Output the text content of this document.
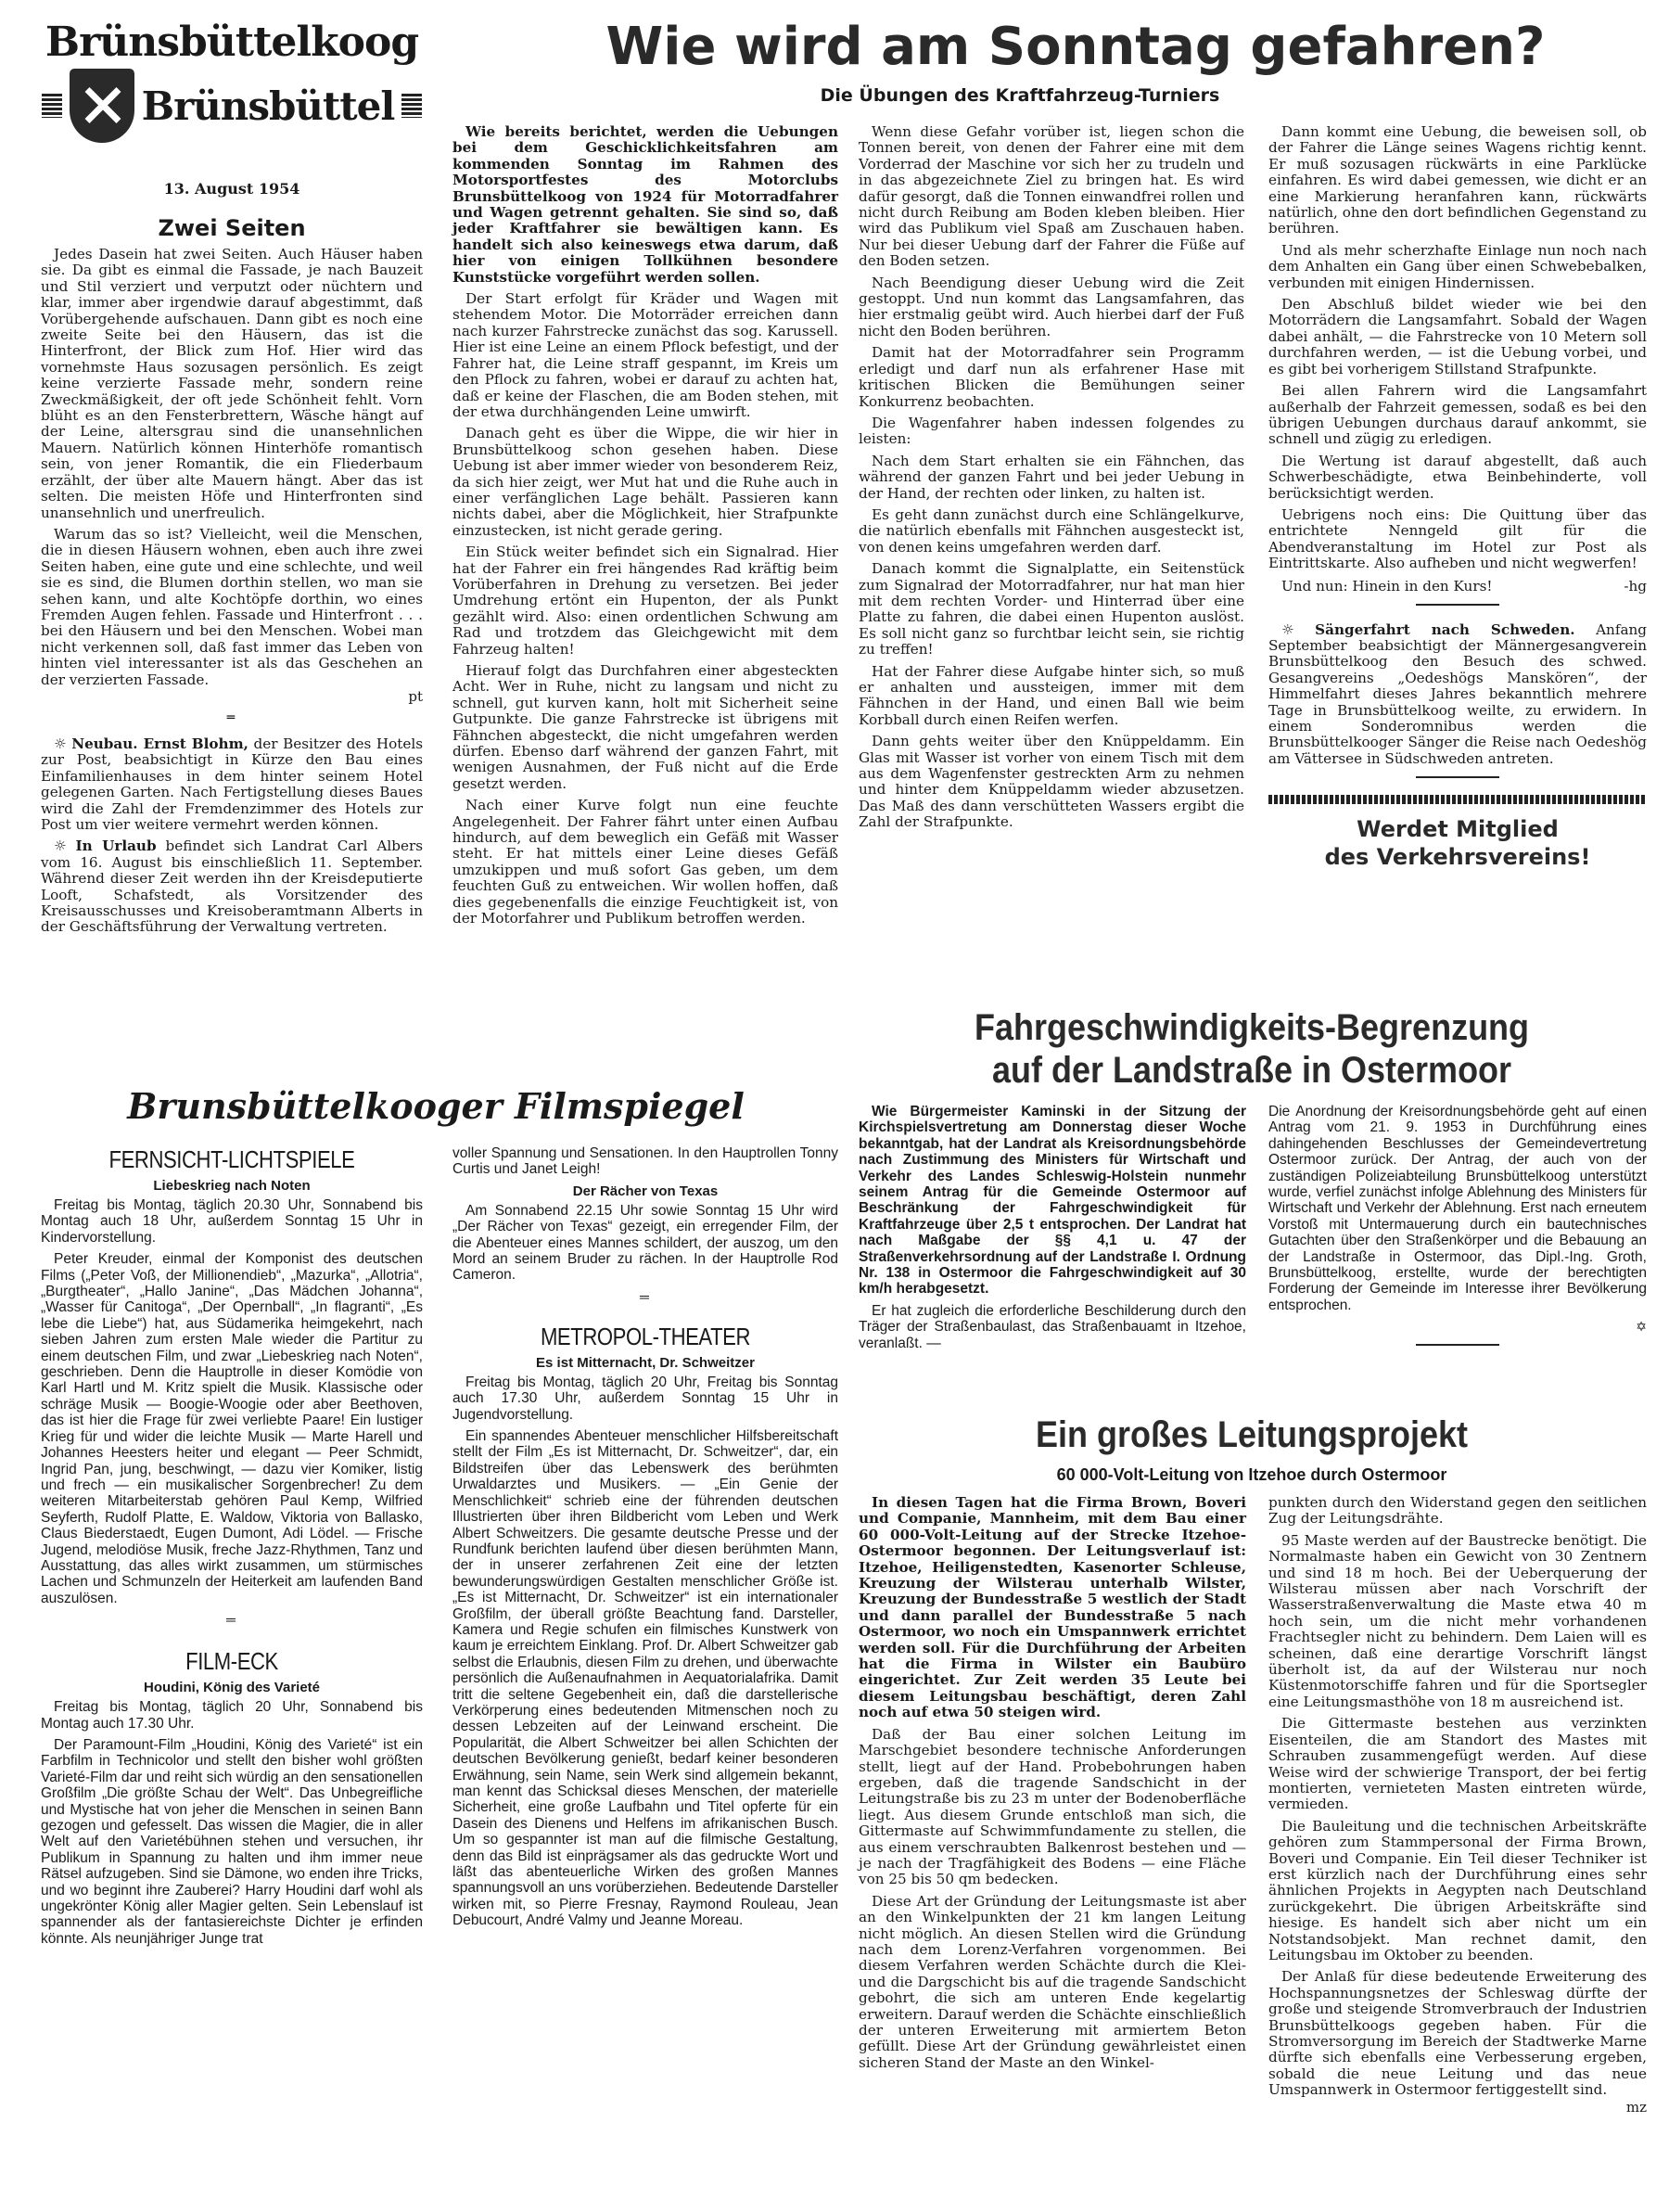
Brünsbüttelkoog
Brünsbüttel
13. August 1954
Zwei Seiten

Jedes Dasein hat zwei Seiten. Auch Häuser haben sie. Da gibt es einmal die Fassade, je nach Bauzeit und Stil verziert und verputzt oder nüchtern und klar, immer aber irgendwie darauf abgestimmt, daß Vorübergehende aufschauen. Dann gibt es noch eine zweite Seite bei den Häusern, das ist die Hinterfront, der Blick zum Hof. Hier wird das vornehmste Haus sozusagen persönlich. Es zeigt keine verzierte Fassade mehr, sondern reine Zweckmäßigkeit, der oft jede Schönheit fehlt. Vorn blüht es an den Fensterbrettern, Wäsche hängt auf der Leine, altersgrau sind die unansehnlichen Mauern. Natürlich können Hinterhöfe romantisch sein, von jener Romantik, die ein Fliederbaum erzählt, der über alte Mauern hängt. Aber das ist selten. Die meisten Höfe und Hinterfronten sind unansehnlich und unerfreulich.

Warum das so ist? Vielleicht, weil die Menschen, die in diesen Häusern wohnen, eben auch ihre zwei Seiten haben, eine gute und eine schlechte, und weil sie es sind, die Blumen dorthin stellen, wo man sie sehen kann, und alte Kochtöpfe dorthin, wo eines Fremden Augen fehlen. Fassade und Hinterfront . . . bei den Häusern und bei den Menschen. Wobei man nicht verkennen soll, daß fast immer das Leben von hinten viel interessanter ist als das Geschehen an der verzierten Fassade.

pt
═

☼ Neubau. Ernst Blohm, der Besitzer des Hotels zur Post, beabsichtigt in Kürze den Bau eines Einfamilienhauses in dem hinter seinem Hotel gelegenen Garten. Nach Fertigstellung dieses Baues wird die Zahl der Fremdenzimmer des Hotels zur Post um vier weitere vermehrt werden können.

☼ In Urlaub befindet sich Landrat Carl Albers vom 16. August bis einschließlich 11. September. Während dieser Zeit werden ihn der Kreisdeputierte Looft, Schafstedt, als Vorsitzender des Kreisausschusses und Kreisoberamtmann Alberts in der Geschäftsführung der Verwaltung vertreten.

Wie wird am Sonntag gefahren?
Die Übungen des Kraftfahrzeug-Turniers

Wie bereits berichtet, werden die Uebungen bei dem Geschicklichkeitsfahren am kommenden Sonntag im Rahmen des Motorsportfestes des Motorclubs Brunsbüttelkoog von 1924 für Motorradfahrer und Wagen getrennt gehalten. Sie sind so, daß jeder Kraftfahrer sie bewältigen kann. Es handelt sich also keineswegs etwa darum, daß hier von einigen Tollkühnen besondere Kunststücke vorgeführt werden sollen.

Der Start erfolgt für Kräder und Wagen mit stehendem Motor. Die Motorräder erreichen dann nach kurzer Fahrstrecke zunächst das sog. Karussell. Hier ist eine Leine an einem Pflock befestigt, und der Fahrer hat, die Leine straff gespannt, im Kreis um den Pflock zu fahren, wobei er darauf zu achten hat, daß er keine der Flaschen, die am Boden stehen, mit der etwa durchhängenden Leine umwirft.

Danach geht es über die Wippe, die wir hier in Brunsbüttelkoog schon gesehen haben. Diese Uebung ist aber immer wieder von besonderem Reiz, da sich hier zeigt, wer Mut hat und die Ruhe auch in einer verfänglichen Lage behält. Passieren kann nichts dabei, aber die Möglichkeit, hier Strafpunkte einzustecken, ist nicht gerade gering.

Ein Stück weiter befindet sich ein Signalrad. Hier hat der Fahrer ein frei hängendes Rad kräftig beim Vorüberfahren in Drehung zu versetzen. Bei jeder Umdrehung ertönt ein Hupenton, der als Punkt gezählt wird. Also: einen ordentlichen Schwung am Rad und trotzdem das Gleichgewicht mit dem Fahrzeug halten!

Hierauf folgt das Durchfahren einer abgesteckten Acht. Wer in Ruhe, nicht zu langsam und nicht zu schnell, gut kurven kann, holt mit Sicherheit seine Gutpunkte. Die ganze Fahrstrecke ist übrigens mit Fähnchen abgesteckt, die nicht umgefahren werden dürfen. Ebenso darf während der ganzen Fahrt, mit wenigen Ausnahmen, der Fuß nicht auf die Erde gesetzt werden.

Nach einer Kurve folgt nun eine feuchte Angelegenheit. Der Fahrer fährt unter einen Aufbau hindurch, auf dem beweglich ein Gefäß mit Wasser steht. Er hat mittels einer Leine dieses Gefäß umzukippen und muß sofort Gas geben, um dem feuchten Guß zu entweichen. Wir wollen hoffen, daß dies gegebenenfalls die einzige Feuchtigkeit ist, von der Motorfahrer und Publikum betroffen werden.

Wenn diese Gefahr vorüber ist, liegen schon die Tonnen bereit, von denen der Fahrer eine mit dem Vorderrad der Maschine vor sich her zu trudeln und in das abgezeichnete Ziel zu bringen hat. Es wird dafür gesorgt, daß die Tonnen einwandfrei rollen und nicht durch Reibung am Boden kleben bleiben. Hier wird das Publikum viel Spaß am Zuschauen haben. Nur bei dieser Uebung darf der Fahrer die Füße auf den Boden setzen.

Nach Beendigung dieser Uebung wird die Zeit gestoppt. Und nun kommt das Langsamfahren, das hier erstmalig geübt wird. Auch hierbei darf der Fuß nicht den Boden berühren.

Damit hat der Motorradfahrer sein Programm erledigt und darf nun als erfahrener Hase mit kritischen Blicken die Bemühungen seiner Konkurrenz beobachten.

Die Wagenfahrer haben indessen folgendes zu leisten:

Nach dem Start erhalten sie ein Fähnchen, das während der ganzen Fahrt und bei jeder Uebung in der Hand, der rechten oder linken, zu halten ist.

Es geht dann zunächst durch eine Schlängelkurve, die natürlich ebenfalls mit Fähnchen ausgesteckt ist, von denen keins umgefahren werden darf.

Danach kommt die Signalplatte, ein Seitenstück zum Signalrad der Motorradfahrer, nur hat man hier mit dem rechten Vorder- und Hinterrad über eine Platte zu fahren, die dabei einen Hupenton auslöst. Es soll nicht ganz so furchtbar leicht sein, sie richtig zu treffen!

Hat der Fahrer diese Aufgabe hinter sich, so muß er anhalten und aussteigen, immer mit dem Fähnchen in der Hand, und einen Ball wie beim Korbball durch einen Reifen werfen.

Dann gehts weiter über den Knüppeldamm. Ein Glas mit Wasser ist vorher von einem Tisch mit dem aus dem Wagenfenster gestreckten Arm zu nehmen und hinter dem Knüppeldamm wieder abzusetzen. Das Maß des dann verschütteten Wassers ergibt die Zahl der Strafpunkte.

Dann kommt eine Uebung, die beweisen soll, ob der Fahrer die Länge seines Wagens richtig kennt. Er muß sozusagen rückwärts in eine Parklücke einfahren. Es wird dabei gemessen, wie dicht er an eine Markierung heranfahren kann, rückwärts natürlich, ohne den dort befindlichen Gegenstand zu berühren.

Und als mehr scherzhafte Einlage nun noch nach dem Anhalten ein Gang über einen Schwebebalken, verbunden mit einigen Hindernissen.

Den Abschluß bildet wieder wie bei den Motorrädern die Langsamfahrt. Sobald der Wagen dabei anhält, — die Fahrstrecke von 10 Metern soll durchfahren werden, — ist die Uebung vorbei, und es gibt bei vorherigem Stillstand Strafpunkte.

Bei allen Fahrern wird die Langsamfahrt außerhalb der Fahrzeit gemessen, sodaß es bei den übrigen Uebungen durchaus darauf ankommt, sie schnell und zügig zu erledigen.

Die Wertung ist darauf abgestellt, daß auch Schwerbeschädigte, etwa Beinbehinderte, voll berücksichtigt werden.

Uebrigens noch eins: Die Quittung über das entrichtete Nenngeld gilt für die Abendveranstaltung im Hotel zur Post als Eintrittskarte. Also aufheben und nicht wegwerfen!

Und nun: Hinein in den Kurs!	-hg

☼ Sängerfahrt nach Schweden. Anfang September beabsichtigt der Männergesangverein Brunsbüttelkoog den Besuch des schwed. Gesangvereins „Oedeshögs Manskören“, der Himmelfahrt dieses Jahres bekanntlich mehrere Tage in Brunsbüttelkoog weilte, zu erwidern. In einem Sonderomnibus werden die Brunsbüttelkooger Sänger die Reise nach Oedeshög am Vättersee in Südschweden antreten.

Werdet Mitglied
des Verkehrsvereins!
Fahrgeschwindigkeits-Begrenzung
auf der Landstraße in Ostermoor

Wie Bürgermeister Kaminski in der Sitzung der Kirchspielsvertretung am Donnerstag dieser Woche bekanntgab, hat der Landrat als Kreisordnungsbehörde nach Zustimmung des Ministers für Wirtschaft und Verkehr des Landes Schleswig-Holstein nunmehr seinem Antrag für die Gemeinde Ostermoor auf Beschränkung der Fahrgeschwindigkeit für Kraftfahrzeuge über 2,5 t entsprochen. Der Landrat hat nach Maßgabe der §§ 4,1 u. 47 der Straßenverkehrsordnung auf der Landstraße I. Ordnung Nr. 138 in Ostermoor die Fahrgeschwindigkeit auf 30 km/h herabgesetzt.

Er hat zugleich die erforderliche Beschilderung durch den Träger der Straßenbaulast, das Straßenbauamt in Itzehoe, veranlaßt. —

Die Anordnung der Kreisordnungsbehörde geht auf einen Antrag vom 21. 9. 1953 in Durchführung eines dahingehenden Beschlusses der Gemeindevertretung Ostermoor zurück. Der Antrag, der auch von der zuständigen Polizeiabteilung Brunsbüttelkoog unterstützt wurde, verfiel zunächst infolge Ablehnung des Ministers für Wirtschaft und Verkehr der Ablehnung. Erst nach erneutem Vorstoß mit Untermauerung durch ein bautechnisches Gutachten über den Straßenkörper und die Bebauung an der Landstraße in Ostermoor, das Dipl.-Ing. Groth, Brunsbüttelkoog, erstellte, wurde der berechtigten Forderung der Gemeinde im Interesse ihrer Bevölkerung entsprochen.

✡
Ein großes Leitungsprojekt
60 000-Volt-Leitung von Itzehoe durch Ostermoor

In diesen Tagen hat die Firma Brown, Boveri und Companie, Mannheim, mit dem Bau einer 60 000-Volt-Leitung auf der Strecke Itzehoe-Ostermoor begonnen. Der Leitungsverlauf ist: Itzehoe, Heiligenstedten, Kasenorter Schleuse, Kreuzung der Wilsterau unterhalb Wilster, Kreuzung der Bundesstraße 5 westlich der Stadt und dann parallel der Bundesstraße 5 nach Ostermoor, wo noch ein Umspannwerk errichtet werden soll. Für die Durchführung der Arbeiten hat die Firma in Wilster ein Baubüro eingerichtet. Zur Zeit werden 35 Leute bei diesem Leitungsbau beschäftigt, deren Zahl noch auf etwa 50 steigen wird.

Daß der Bau einer solchen Leitung im Marschgebiet besondere technische Anforderungen stellt, liegt auf der Hand. Probebohrungen haben ergeben, daß die tragende Sandschicht in der Leitungstraße bis zu 23 m unter der Bodenoberfläche liegt. Aus diesem Grunde entschloß man sich, die Gittermaste auf Schwimmfundamente zu stellen, die aus einem verschraubten Balkenrost bestehen und — je nach der Tragfähigkeit des Bodens — eine Fläche von 25 bis 50 qm bedecken.

Diese Art der Gründung der Leitungsmaste ist aber an den Winkelpunkten der 21 km langen Leitung nicht möglich. An diesen Stellen wird die Gründung nach dem Lorenz-Verfahren vorgenommen. Bei diesem Verfahren werden Schächte durch die Klei- und die Dargschicht bis auf die tragende Sandschicht gebohrt, die sich am unteren Ende kegelartig erweitern. Darauf werden die Schächte einschließlich der unteren Erweiterung mit armiertem Beton gefüllt. Diese Art der Gründung gewährleistet einen sicheren Stand der Maste an den Winkel-

punkten durch den Widerstand gegen den seitlichen Zug der Leitungsdrähte.

95 Maste werden auf der Baustrecke benötigt. Die Normalmaste haben ein Gewicht von 30 Zentnern und sind 18 m hoch. Bei der Ueberquerung der Wilsterau müssen aber nach Vorschrift der Wasserstraßenverwaltung die Maste etwa 40 m hoch sein, um die nicht mehr vorhandenen Frachtsegler nicht zu behindern. Dem Laien will es scheinen, daß eine derartige Vorschrift längst überholt ist, da auf der Wilsterau nur noch Küstenmotorschiffe fahren und für die Sportsegler eine Leitungsmasthöhe von 18 m ausreichend ist.

Die Gittermaste bestehen aus verzinkten Eisenteilen, die am Standort des Mastes mit Schrauben zusammengefügt werden. Auf diese Weise wird der schwierige Transport, der bei fertig montierten, vernieteten Masten eintreten würde, vermieden.

Die Bauleitung und die technischen Arbeitskräfte gehören zum Stammpersonal der Firma Brown, Boveri und Companie. Ein Teil dieser Techniker ist erst kürzlich nach der Durchführung eines sehr ähnlichen Projekts in Aegypten nach Deutschland zurückgekehrt. Die übrigen Arbeitskräfte sind hiesige. Es handelt sich aber nicht um ein Notstandsobjekt. Man rechnet damit, den Leitungsbau im Oktober zu beenden.

Der Anlaß für diese bedeutende Erweiterung des Hochspannungsnetzes der Schleswag dürfte der große und steigende Stromverbrauch der Industrien Brunsbüttelkoogs gegeben haben. Für die Stromversorgung im Bereich der Stadtwerke Marne dürfte sich ebenfalls eine Verbesserung ergeben, sobald die neue Leitung und das neue Umspannwerk in Ostermoor fertiggestellt sind.

mz
Brunsbüttelkooger Filmspiegel
FERNSICHT-LICHTSPIELE
Liebeskrieg nach Noten

Freitag bis Montag, täglich 20.30 Uhr, Sonnabend bis Montag auch 18 Uhr, außerdem Sonntag 15 Uhr in Kindervorstellung.

Peter Kreuder, einmal der Komponist des deutschen Films („Peter Voß, der Millionendieb“, „Mazurka“, „Allotria“, „Burgtheater“, „Hallo Janine“, „Das Mädchen Johanna“, „Wasser für Canitoga“, „Der Opernball“, „In flagranti“, „Es lebe die Liebe“) hat, aus Südamerika heimgekehrt, nach sieben Jahren zum ersten Male wieder die Partitur zu einem deutschen Film, und zwar „Liebeskrieg nach Noten“, geschrieben. Denn die Hauptrolle in dieser Komödie von Karl Hartl und M. Kritz spielt die Musik. Klassische oder schräge Musik — Boogie-Woogie oder aber Beethoven, das ist hier die Frage für zwei verliebte Paare! Ein lustiger Krieg für und wider die leichte Musik — Marte Harell und Johannes Heesters heiter und elegant — Peer Schmidt, Ingrid Pan, jung, beschwingt, — dazu vier Komiker, listig und frech — ein musikalischer Sorgenbrecher! Zu dem weiteren Mitarbeiterstab gehören Paul Kemp, Wilfried Seyferth, Rudolf Platte, E. Waldow, Viktoria von Ballasko, Claus Biederstaedt, Eugen Dumont, Adi Lödel. — Frische Jugend, melodiöse Musik, freche Jazz-Rhythmen, Tanz und Ausstattung, das alles wirkt zusammen, um stürmisches Lachen und Schmunzeln der Heiterkeit am laufenden Band auszulösen.

═
FILM-ECK
Houdini, König des Varieté

Freitag bis Montag, täglich 20 Uhr, Sonnabend bis Montag auch 17.30 Uhr.

Der Paramount-Film „Houdini, König des Varieté“ ist ein Farbfilm in Technicolor und stellt den bisher wohl größten Varieté-Film dar und reiht sich würdig an den sensationellen Großfilm „Die größte Schau der Welt“. Das Unbegreifliche und Mystische hat von jeher die Menschen in seinen Bann gezogen und gefesselt. Das wissen die Magier, die in aller Welt auf den Varietébühnen stehen und versuchen, ihr Publikum in Spannung zu halten und ihm immer neue Rätsel aufzugeben. Sind sie Dämone, wo enden ihre Tricks, und wo beginnt ihre Zauberei? Harry Houdini darf wohl als ungekrönter König aller Magier gelten. Sein Lebenslauf ist spannender als der fantasiereichste Dichter je erfinden könnte. Als neunjähriger Junge trat

voller Spannung und Sensationen. In den Hauptrollen Tonny Curtis und Janet Leigh!

Der Rächer von Texas

Am Sonnabend 22.15 Uhr sowie Sonntag 15 Uhr wird „Der Rächer von Texas“ gezeigt, ein erregender Film, der die Abenteuer eines Mannes schildert, der auszog, um den Mord an seinem Bruder zu rächen. In der Hauptrolle Rod Cameron.

═
METROPOL-THEATER
Es ist Mitternacht, Dr. Schweitzer

Freitag bis Montag, täglich 20 Uhr, Freitag bis Sonntag auch 17.30 Uhr, außerdem Sonntag 15 Uhr in Jugendvorstellung.

Ein spannendes Abenteuer menschlicher Hilfsbereitschaft stellt der Film „Es ist Mitternacht, Dr. Schweitzer“, dar, ein Bildstreifen über das Lebenswerk des berühmten Urwaldarztes und Musikers. — „Ein Genie der Menschlichkeit“ schrieb eine der führenden deutschen Illustrierten über ihren Bildbericht vom Leben und Werk Albert Schweitzers. Die gesamte deutsche Presse und der Rundfunk berichten laufend über diesen berühmten Mann, der in unserer zerfahrenen Zeit eine der letzten bewunderungswürdigen Gestalten menschlicher Größe ist. „Es ist Mitternacht, Dr. Schweitzer“ ist ein internationaler Großfilm, der überall größte Beachtung fand. Darsteller, Kamera und Regie schufen ein filmisches Kunstwerk von kaum je erreichtem Einklang. Prof. Dr. Albert Schweitzer gab selbst die Erlaubnis, diesen Film zu drehen, und überwachte persönlich die Außenaufnahmen in Aequatorialafrika. Damit tritt die seltene Gegebenheit ein, daß die darstellerische Verkörperung eines bedeutenden Mitmenschen noch zu dessen Lebzeiten auf der Leinwand erscheint. Die Popularität, die Albert Schweitzer bei allen Schichten der deutschen Bevölkerung genießt, bedarf keiner besonderen Erwähnung, sein Name, sein Werk sind allgemein bekannt, man kennt das Schicksal dieses Menschen, der materielle Sicherheit, eine große Laufbahn und Titel opferte für ein Dasein des Dienens und Helfens im afrikanischen Busch. Um so gespannter ist man auf die filmische Gestaltung, denn das Bild ist einprägsamer als das gedruckte Wort und läßt das abenteuerliche Wirken des großen Mannes spannungsvoll an uns vorüberziehen. Bedeutende Darsteller wirken mit, so Pierre Fresnay, Raymond Rouleau, Jean Debucourt, André Valmy und Jeanne Moreau.
